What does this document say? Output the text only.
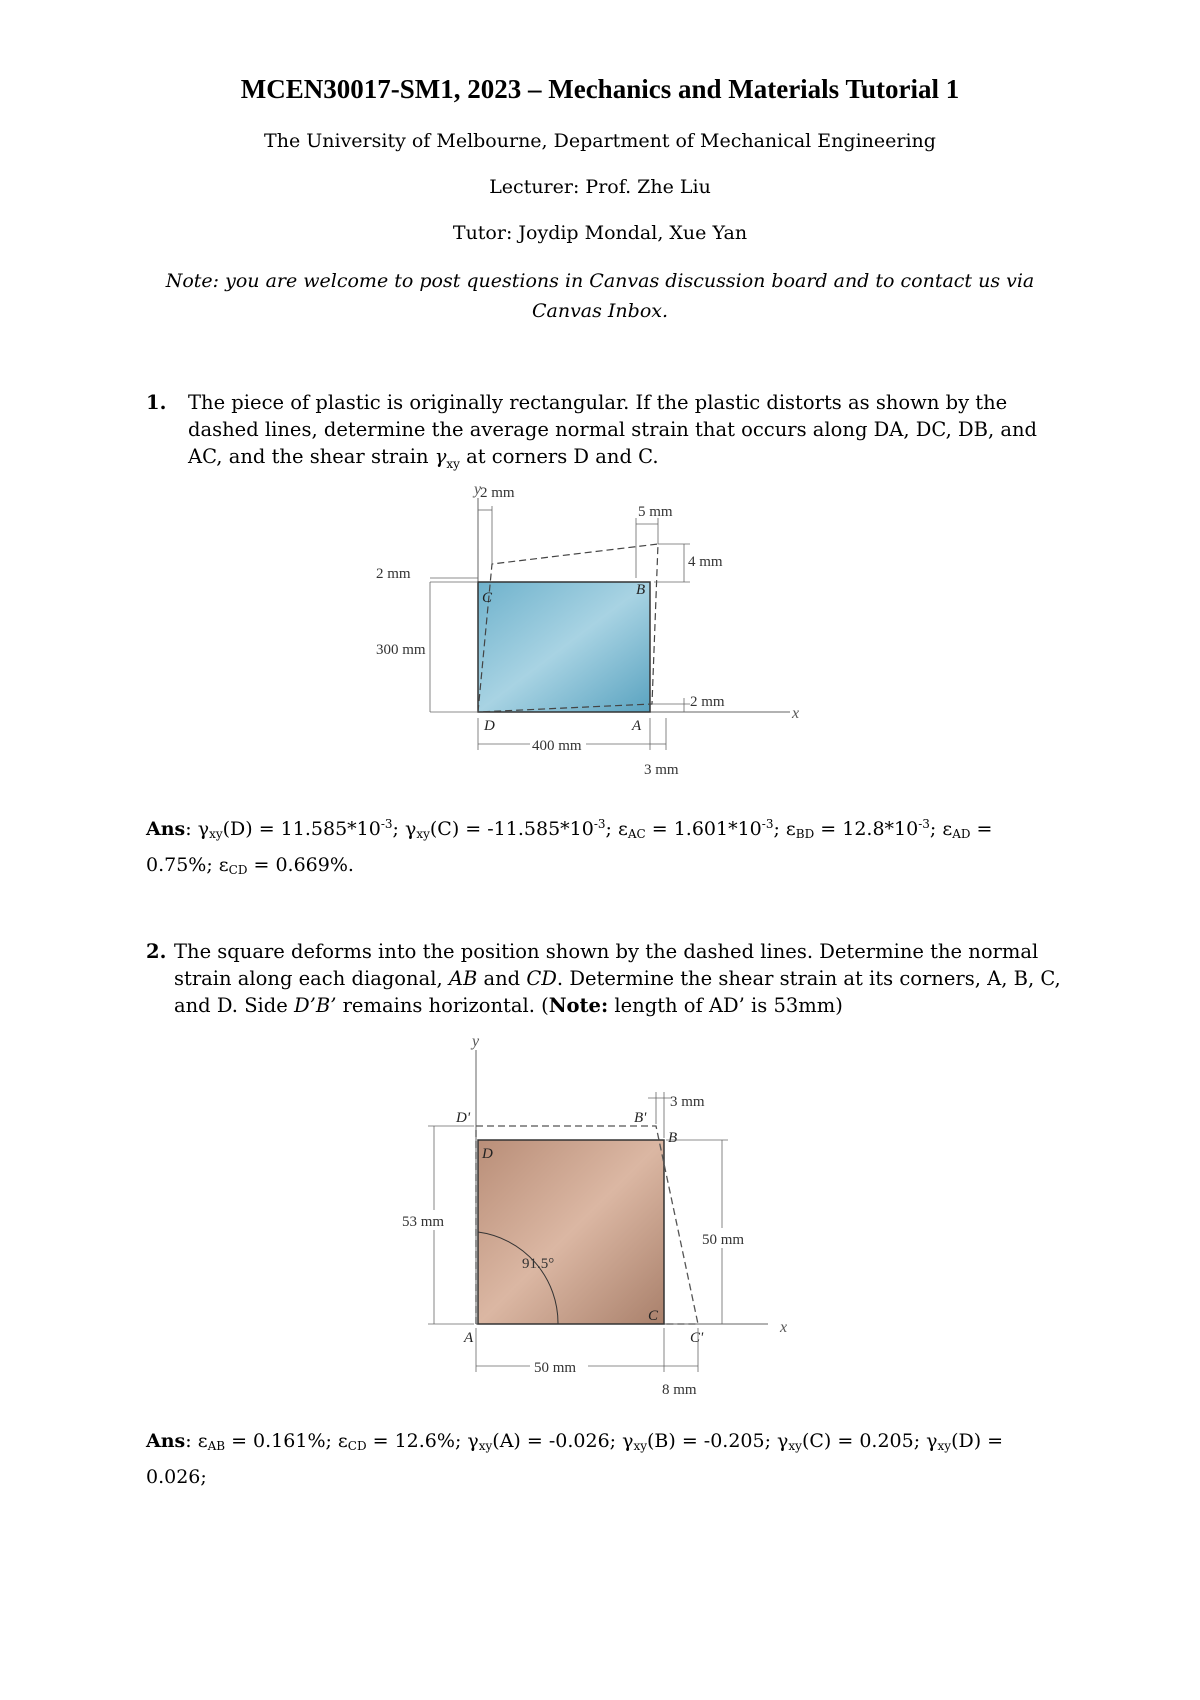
MCEN30017-SM1, 2023 – Mechanics and Materials Tutorial 1
The University of Melbourne, Department of Mechanical Engineering
Lecturer: Prof. Zhe Liu
Tutor: Joydip Mondal, Xue Yan
Note: you are welcome to post questions in Canvas discussion board and to contact us via
Canvas Inbox.
1. The piece of plastic is originally rectangular. If the plastic distorts as shown by the
dashed lines, determine the average normal strain that occurs along DA, DC, DB, and
AC, and the shear strain $\gamma_{xy}$ at corners D and C.
y
x
C	B
D	A
5 mm
2 mm
4 mm
2 mm
300 mm
2 mm
400 mm
3 mm
Ans: $\gamma_{xy}(D) = 11.585*10^{-3}$; $\gamma_{xy}(C) = -11.585*10^{-3}$; $\varepsilon_{AC} = 1.601*10^{-3}$; $\varepsilon_{BD} = 12.8*10^{-3}$; $\varepsilon_{AD}$ =
0.75%; $\varepsilon_{CD} = 0.669\%$.
2. The square deforms into the position shown by the dashed lines. Determine the normal
strain along each diagonal, AB and CD. Determine the shear strain at its corners, A, B, C,
and D. Side D’B’ remains horizontal. (Note: length of AD’ is 53mm)
y
x
91.5°
D
D'	B'
B
C
C'
A
3 mm
53 mm
50 mm
50 mm
8 mm
Ans: $\varepsilon_{AB} = 0.161\%$; $\varepsilon_{CD} = 12.6\%$; $\gamma_{xy}(A) = -0.026$; $\gamma_{xy}(B) = -0.205$; $\gamma_{xy}(C) = 0.205$; $\gamma_{xy}(D)$ =
0.026;
